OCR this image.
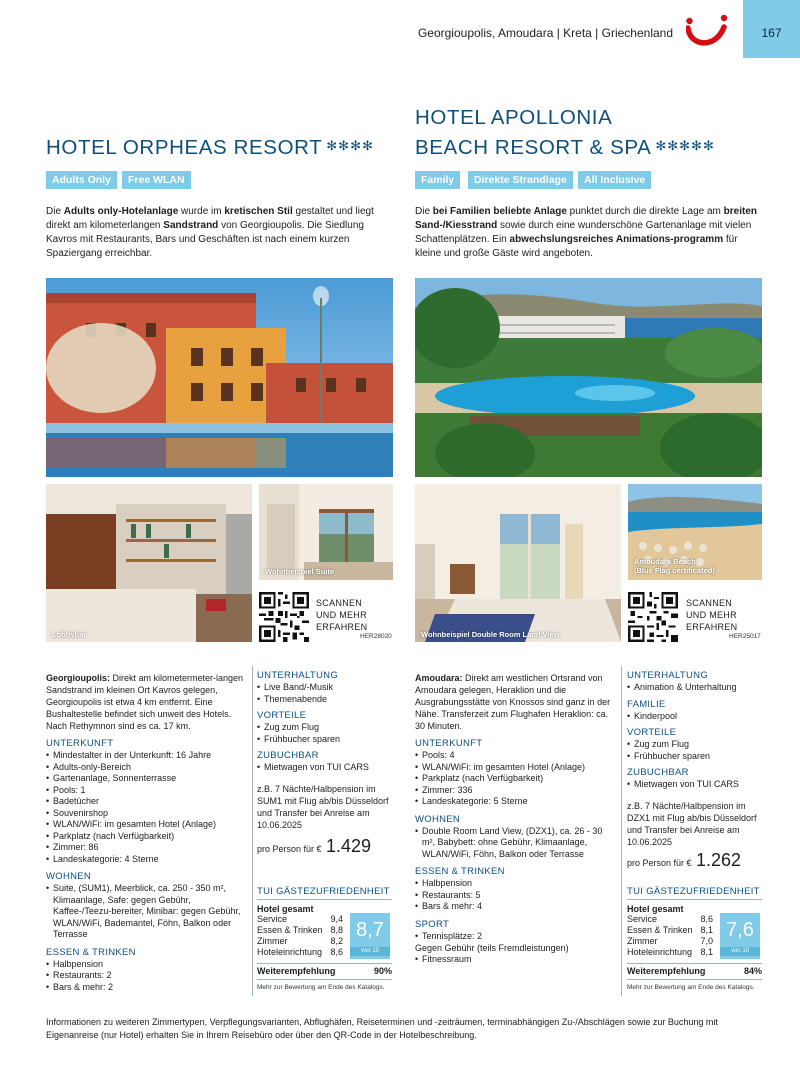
Georgioupolis, Amoudara | Kreta | Griechenland	167
HOTEL ORPHEAS RESORT ✻✻✻✻
Adults Only	Free WLAN
Die Adults only-Hotelanlage wurde im kretischen Stil gestaltet und liegt direkt am kilometerlangen Sandstrand von Georgioupolis. Die Siedlung Kavros mit Restaurants, Bars und Geschäften ist nach einem kurzen Spaziergang erreichbar.
HOTEL APOLLONIA
BEACH RESORT & SPA ✻✻✻✻✻
Family	Direkte Strandlage	All Inclusive
Die bei Familien beliebte Anlage punktet durch die direkte Lage am breiten Sand-/Kiesstrand sowie durch eine wunderschöne Gartenanlage mit vielen Schattenplätzen. Ein abwechslungsreiches Animations-programm für kleine und große Gäste wird angeboten.
Lobbybar
Wohnbeispiel Suite
SCANNEN
UND MEHR
ERFAHREN
HER28020	Wohnbeispiel Double Room Land View
Amoudara Beach
(Blue Flag certificated)
SCANNEN
UND MEHR
ERFAHREN
HER25017
Georgioupolis: Direkt am kilometermeter-langen Sandstrand im kleinen Ort Kavros gelegen, Georgioupolis ist etwa 4 km entfernt. Eine Bushaltestelle befindet sich unweit des Hotels. Nach Rethymnon sind es ca. 17 km.
UNTERKUNFT
• Mindestalter in der Unterkunft: 16 Jahre
• Adults-only-Bereich
• Gartenanlage, Sonnenterrasse
• Pools: 1
• Badetücher
• Souvenirshop
• WLAN/WiFi: im gesamten Hotel (Anlage)
• Parkplatz (nach Verfügbarkeit)
• Zimmer: 86
• Landeskategorie: 4 Sterne
WOHNEN
• Suite, (SUM1), Meerblick, ca. 250 - 350 m², Klimaanlage, Safe: gegen Gebühr, Kaffee-/Teezu-bereiter, Minibar: gegen Gebühr, WLAN/WiFi, Bademantel, Föhn, Balkon oder Terrasse
ESSEN & TRINKEN
• Halbpension
• Restaurants: 2
• Bars & mehr: 2
UNTERHALTUNG
• Live Band/-Musik
• Themenabende
VORTEILE
• Zug zum Flug
• Frühbucher sparen
ZUBUCHBAR
• Mietwagen von TUI CARS
z.B. 7 Nächte/Halbpension im SUM1 mit Flug ab/bis Düsseldorf und Transfer bei Anreise am 10.06.2025
pro Person für € 1.429
TUI GÄSTEZUFRIEDENHEIT
Hotel gesamt
Service	9,4
Essen & Trinken 8,8
Zimmer	8,2
Hoteleinrichtung 8,6
8,7
von 10
Weiterempfehlung	90%
Mehr zur Bewertung am Ende des Katalogs.
Amoudara: Direkt am westlichen Ortsrand von Amoudara gelegen, Heraklion und die Ausgrabungsstätte von Knossos sind ganz in der Nähe. Transferzeit zum Flughafen Heraklion: ca. 30 Minuten.
UNTERKUNFT
• Pools: 4
• WLAN/WiFi: im gesamten Hotel (Anlage)
• Parkplatz (nach Verfügbarkeit)
• Zimmer: 336
• Landeskategorie: 5 Sterne
WOHNEN
• Double Room Land View, (DZX1), ca. 26 - 30 m², Babybett: ohne Gebühr, Klimaanlage, WLAN/WiFi, Föhn, Balkon oder Terrasse
ESSEN & TRINKEN
• Halbpension
• Restaurants: 5
• Bars & mehr: 4
SPORT
• Tennisplätze: 2
Gegen Gebühr (teils Fremdleistungen)
• Fitnessraum
UNTERHALTUNG
• Animation & Unterhaltung
FAMILIE
• Kinderpool
VORTEILE
• Zug zum Flug
• Frühbucher sparen
ZUBUCHBAR
• Mietwagen von TUI CARS
z.B. 7 Nächte/Halbpension im DZX1 mit Flug ab/bis Düsseldorf und Transfer bei Anreise am 10.06.2025
pro Person für € 1.262
TUI GÄSTEZUFRIEDENHEIT
Hotel gesamt
Service	8,6
Essen & Trinken 8,1
Zimmer	7,0
Hoteleinrichtung 8,1
7,6
von 10
Weiterempfehlung	84%
Mehr zur Bewertung am Ende des Katalogs.
Informationen zu weiteren Zimmertypen, Verpflegungsvarianten, Abflughäfen, Reiseterminen und -zeiträumen, terminabhängigen Zu-/Abschlägen sowie zur Buchung mit Eigenanreise (nur Hotel) erhalten Sie in Ihrem Reisebüro oder über den QR-Code in der Hotelbeschreibung.
